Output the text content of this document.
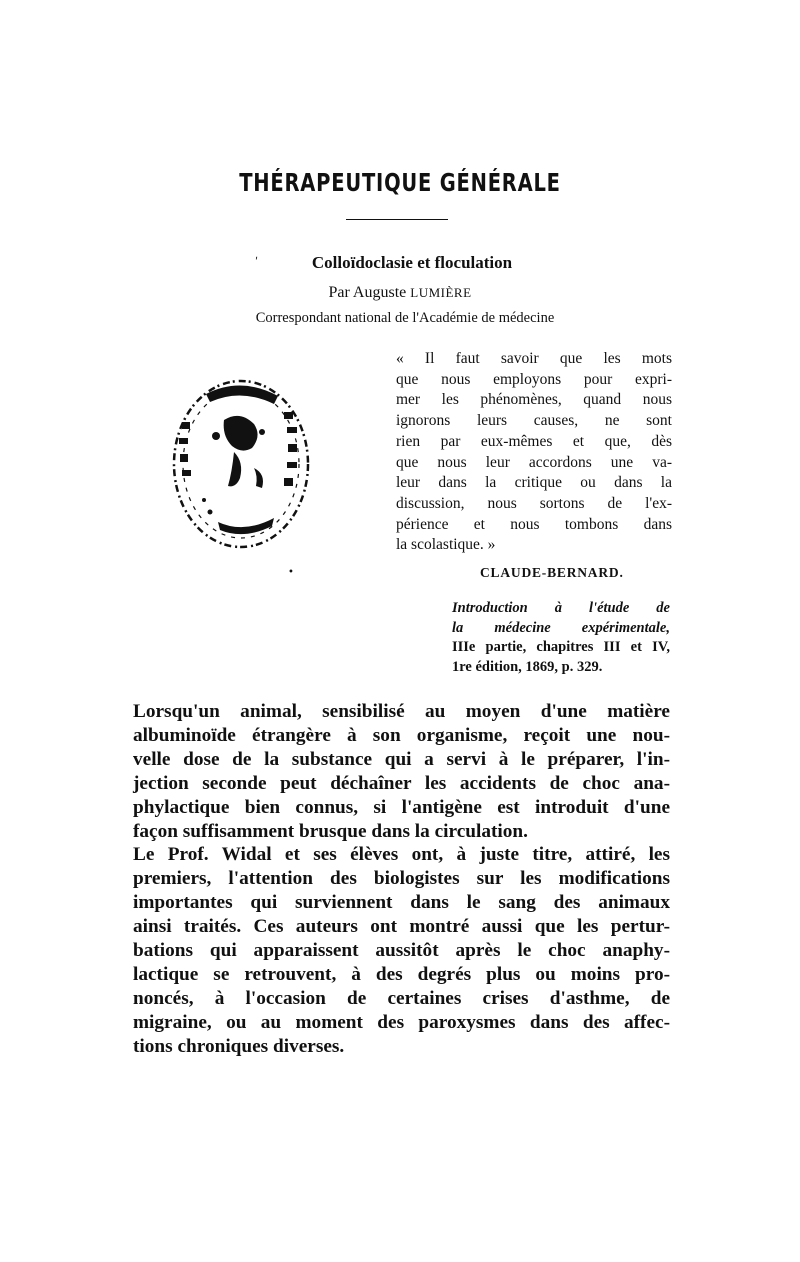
THÉRAPEUTIQUE GÉNÉRALE
ʹ	Colloïdoclasie et floculation
Par Auguste LUMIÈRE
Correspondant national de l'Académie de médecine
« Il faut savoir que les mots
que nous employons pour expri-
mer les phénomènes, quand nous
ignorons leurs causes, ne sont
rien par eux-mêmes et que, dès
que nous leur accordons une va-
leur dans la critique ou dans la
discussion, nous sortons de l'ex-
périence et nous tombons dans
la scolastique. »
•	CLAUDE-BERNARD.
Introduction à l'étude de
la médecine expérimentale,
IIIe partie, chapitres III et IV,
1re édition, 1869, p. 329.
Lorsqu'un animal, sensibilisé au moyen d'une matière
albuminoïde étrangère à son organisme, reçoit une nou-
velle dose de la substance qui a servi à le préparer, l'in-
jection seconde peut déchaîner les accidents de choc ana-
phylactique bien connus, si l'antigène est introduit d'une
façon suffisamment brusque dans la circulation.
Le Prof. Widal et ses élèves ont, à juste titre, attiré, les
premiers, l'attention des biologistes sur les modifications
importantes qui surviennent dans le sang des animaux
ainsi traités. Ces auteurs ont montré aussi que les pertur-
bations qui apparaissent aussitôt après le choc anaphy-
lactique se retrouvent, à des degrés plus ou moins pro-
noncés, à l'occasion de certaines crises d'asthme, de
migraine, ou au moment des paroxysmes dans des affec-
tions chroniques diverses.
